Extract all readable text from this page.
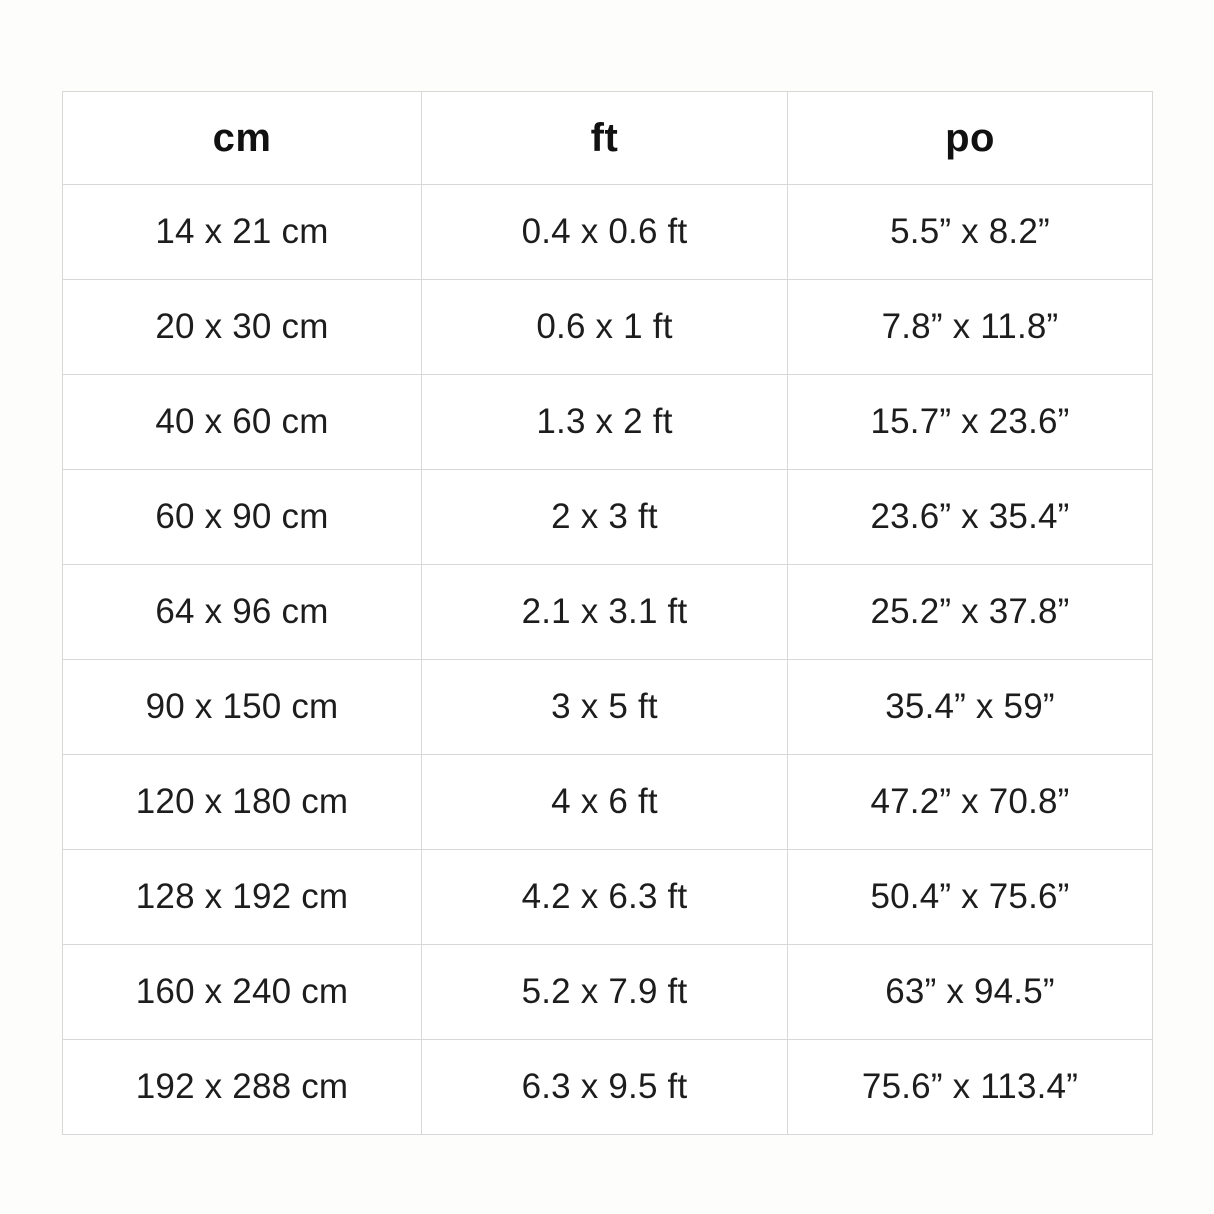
cm	ft	po

14 x 21 cm	0.4 x 0.6 ft	5.5” x 8.2”

20 x 30 cm	0.6 x 1 ft	7.8” x 11.8”

40 x 60 cm	1.3 x 2 ft	15.7” x 23.6”

60 x 90 cm	2 x 3 ft	23.6” x 35.4”

64 x 96 cm	2.1 x 3.1 ft	25.2” x 37.8”

90 x 150 cm	3 x 5 ft	35.4” x 59”

120 x 180 cm	4 x 6 ft	47.2” x 70.8”

128 x 192 cm	4.2 x 6.3 ft	50.4” x 75.6”

160 x 240 cm	5.2 x 7.9 ft	63” x 94.5”

192 x 288 cm	6.3 x 9.5 ft	75.6” x 113.4”
